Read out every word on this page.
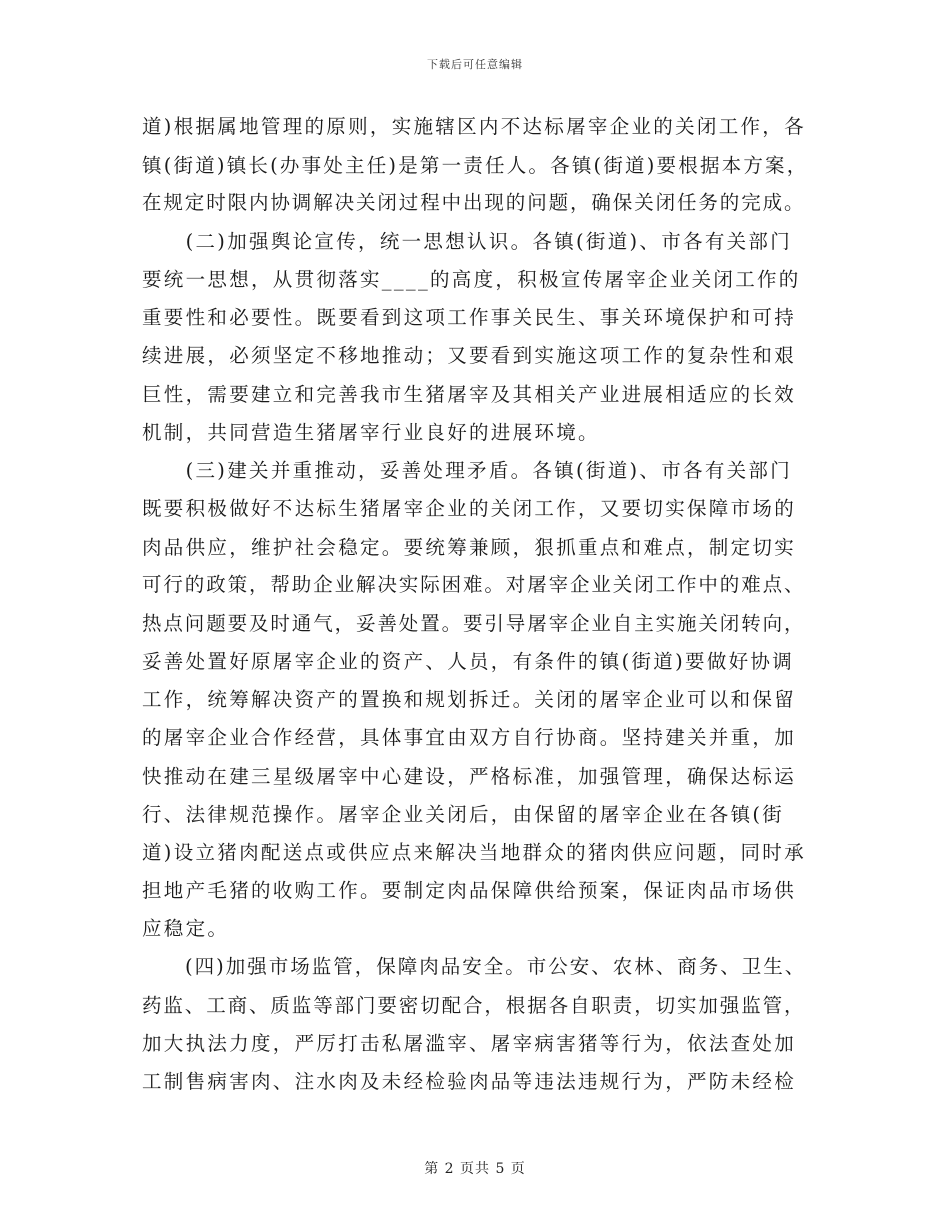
下载后可任意编辑
道)根据属地管理的原则，实施辖区内不达标屠宰企业的关闭工作，各
镇(街道)镇长(办事处主任)是第一责任人。各镇(街道)要根据本方案，
在规定时限内协调解决关闭过程中出现的问题，确保关闭任务的完成。
　　(二)加强舆论宣传，统一思想认识。各镇(街道)、市各有关部门
要统一思想，从贯彻落实____的高度，积极宣传屠宰企业关闭工作的
重要性和必要性。既要看到这项工作事关民生、事关环境保护和可持
续进展，必须坚定不移地推动；又要看到实施这项工作的复杂性和艰
巨性，需要建立和完善我市生猪屠宰及其相关产业进展相适应的长效
机制，共同营造生猪屠宰行业良好的进展环境。
　　(三)建关并重推动，妥善处理矛盾。各镇(街道)、市各有关部门
既要积极做好不达标生猪屠宰企业的关闭工作，又要切实保障市场的
肉品供应，维护社会稳定。要统筹兼顾，狠抓重点和难点，制定切实
可行的政策，帮助企业解决实际困难。对屠宰企业关闭工作中的难点、
热点问题要及时通气，妥善处置。要引导屠宰企业自主实施关闭转向，
妥善处置好原屠宰企业的资产、人员，有条件的镇(街道)要做好协调
工作，统筹解决资产的置换和规划拆迁。关闭的屠宰企业可以和保留
的屠宰企业合作经营，具体事宜由双方自行协商。坚持建关并重，加
快推动在建三星级屠宰中心建设，严格标准，加强管理，确保达标运
行、法律规范操作。屠宰企业关闭后，由保留的屠宰企业在各镇(街
道)设立猪肉配送点或供应点来解决当地群众的猪肉供应问题，同时承
担地产毛猪的收购工作。要制定肉品保障供给预案，保证肉品市场供
应稳定。
　　(四)加强市场监管，保障肉品安全。市公安、农林、商务、卫生、
药监、工商、质监等部门要密切配合，根据各自职责，切实加强监管，
加大执法力度，严厉打击私屠滥宰、屠宰病害猪等行为，依法查处加
工制售病害肉、注水肉及未经检验肉品等违法违规行为，严防未经检
第 2 页共 5 页
